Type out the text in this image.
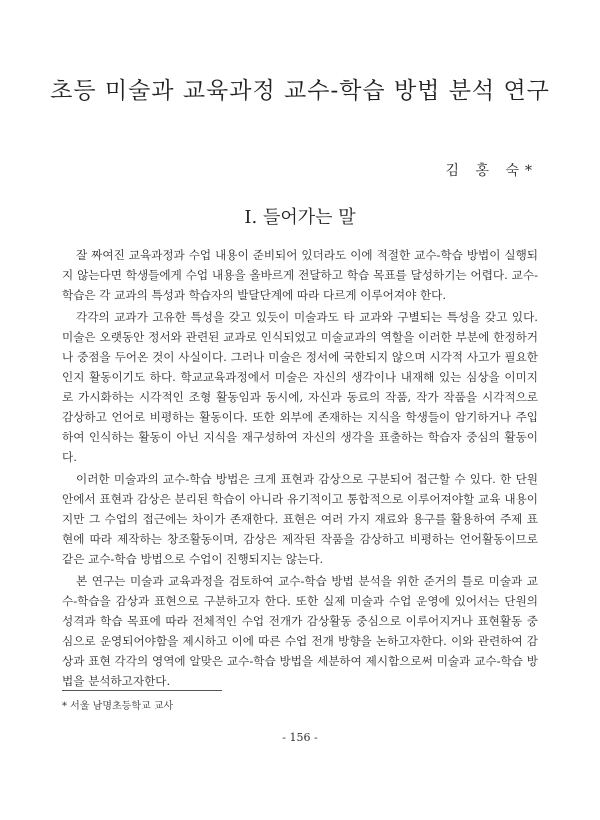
초등 미술과 교육과정 교수-학습 방법 분석 연구
김 홍 숙*
Ⅰ. 들어가는 말

잘 짜여진 교육과정과 수업 내용이 준비되어 있더라도 이에 적절한 교수-학습 방법이 실행되지 않는다면 학생들에게 수업 내용을 올바르게 전달하고 학습 목표를 달성하기는 어렵다. 교수-학습은 각 교과의 특성과 학습자의 발달단계에 따라 다르게 이루어져야 한다.

각각의 교과가 고유한 특성을 갖고 있듯이 미술과도 타 교과와 구별되는 특성을 갖고 있다. 미술은 오랫동안 정서와 관련된 교과로 인식되었고 미술교과의 역할을 이러한 부분에 한정하거나 중점을 두어온 것이 사실이다. 그러나 미술은 정서에 국한되지 않으며 시각적 사고가 필요한 인지 활동이기도 하다. 학교교육과정에서 미술은 자신의 생각이나 내재해 있는 심상을 이미지로 가시화하는 시각적인 조형 활동임과 동시에, 자신과 동료의 작품, 작가 작품을 시각적으로 감상하고 언어로 비평하는 활동이다. 또한 외부에 존재하는 지식을 학생들이 암기하거나 주입하여 인식하는 활동이 아닌 지식을 재구성하여 자신의 생각을 표출하는 학습자 중심의 활동이다.

이러한 미술과의 교수-학습 방법은 크게 표현과 감상으로 구분되어 접근할 수 있다. 한 단원 안에서 표현과 감상은 분리된 학습이 아니라 유기적이고 통합적으로 이루어져야할 교육 내용이지만 그 수업의 접근에는 차이가 존재한다. 표현은 여러 가지 재료와 용구를 활용하여 주제 표현에 따라 제작하는 창조활동이며, 감상은 제작된 작품을 감상하고 비평하는 언어활동이므로 같은 교수-학습 방법으로 수업이 진행되지는 않는다.

본 연구는 미술과 교육과정을 검토하여 교수-학습 방법 분석을 위한 준거의 틀로 미술과 교수-학습을 감상과 표현으로 구분하고자 한다. 또한 실제 미술과 수업 운영에 있어서는 단원의 성격과 학습 목표에 따라 전체적인 수업 전개가 감상활동 중심으로 이루어지거나 표현활동 중심으로 운영되어야함을 제시하고 이에 따른 수업 전개 방향을 논하고자한다. 이와 관련하여 감상과 표현 각각의 영역에 알맞은 교수-학습 방법을 세분하여 제시함으로써 미술과 교수-학습 방법을 분석하고자한다.

* 서울 남명초등학교 교사
- 156 -
